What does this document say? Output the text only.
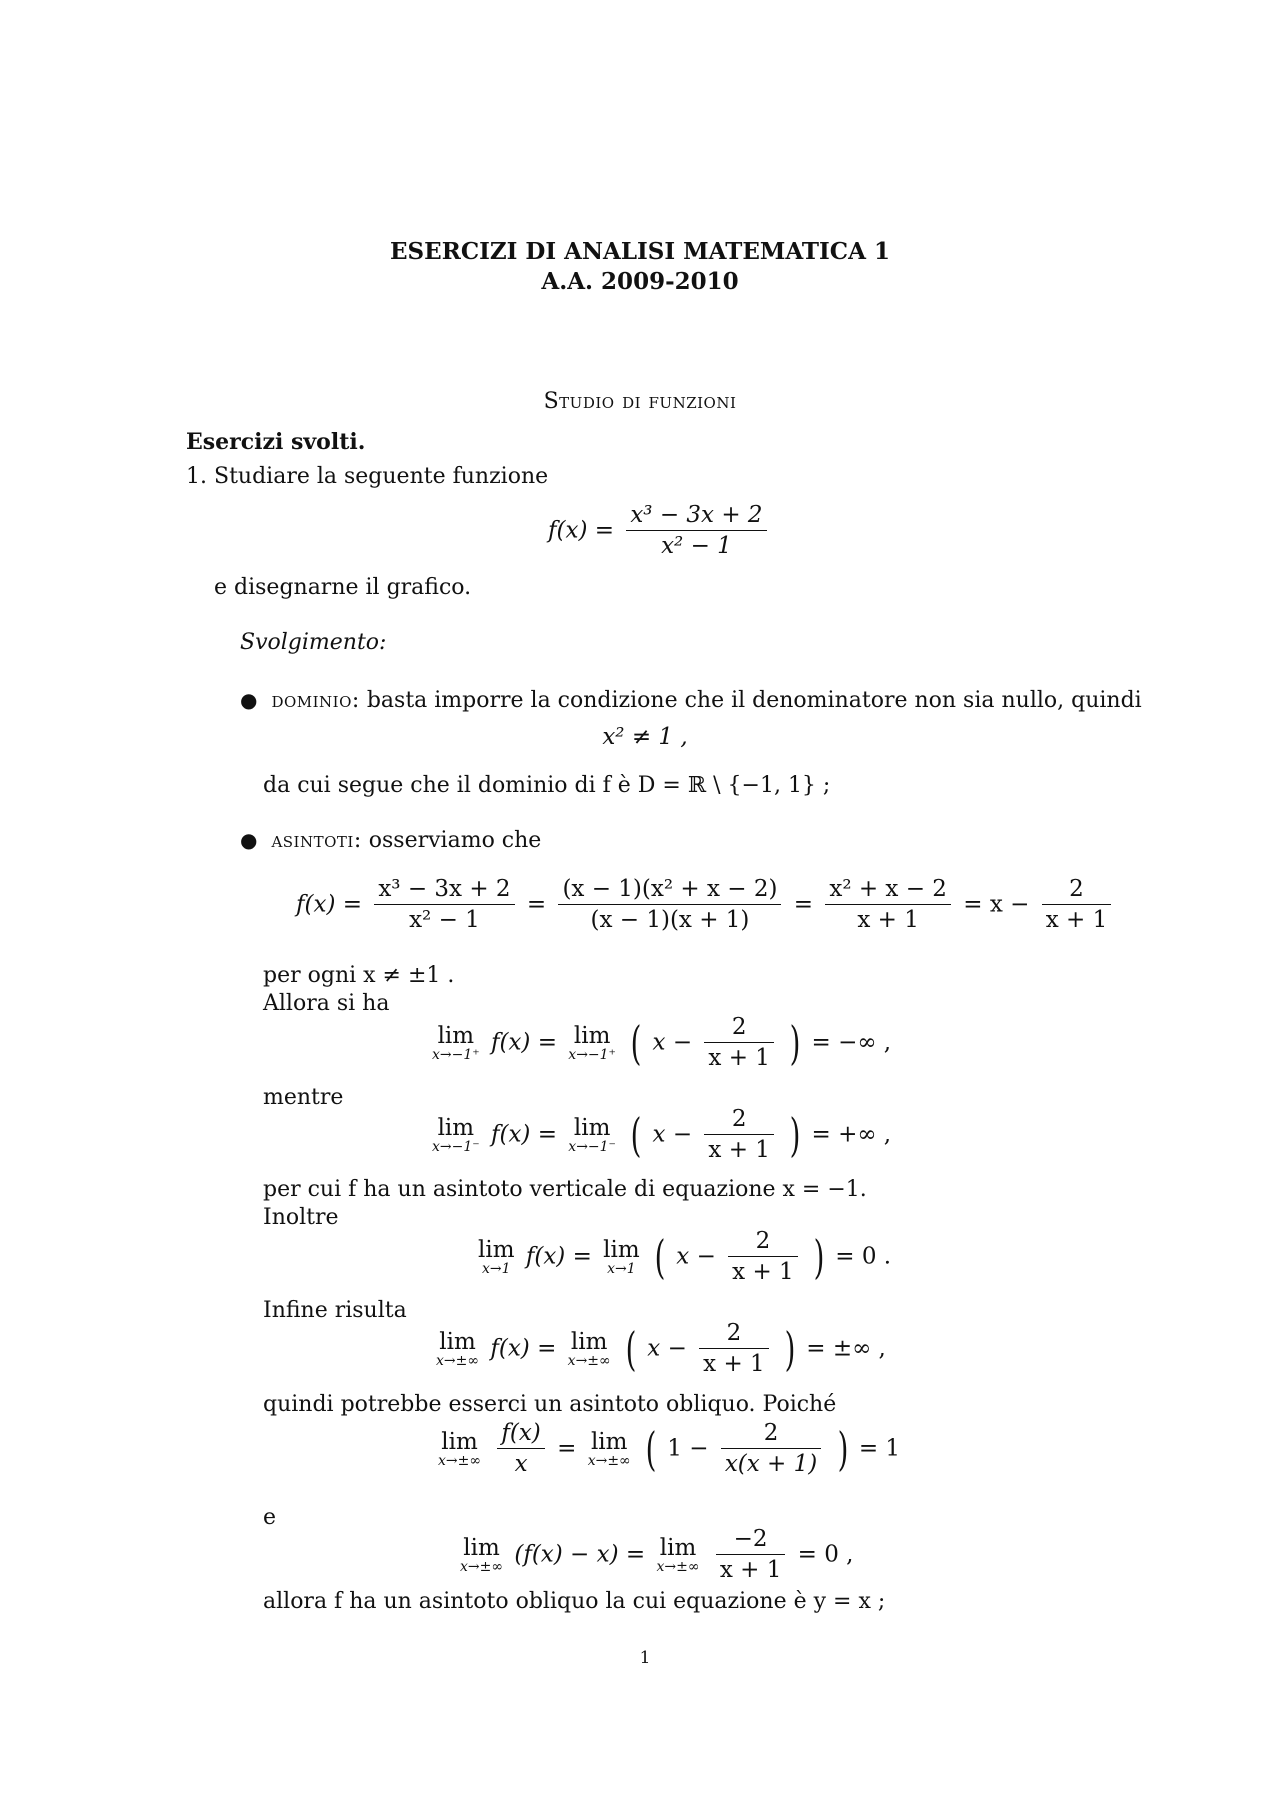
ESERCIZI DI ANALISI MATEMATICA 1
A.A. 2009-2010
Studio di funzioni
Esercizi svolti.
1. Studiare la seguente funzione
$f(x) = \frac{\text{x³ − 3x + 2}}{\text{x² − 1}}$
e disegnarne il grafico.
Svolgimento:
● dominio: basta imporre la condizione che il denominatore non sia nullo, quindi
x² ≠ 1 ,
da cui segue che il dominio di f è D = ℝ \ {−1, 1} ;
● asintoti: osserviamo che
$f(x) = \frac{\text{x³ − 3x + 2}}{\text{x² − 1}} = \frac{\text{(x − 1)(x² + x − 2)}}{(x - 1)(x + 1)} = \frac{\text{x² + x − 2}}{x + 1} = x - \frac{2}{x + 1}$
per ogni x ≠ ±1 .
Allora si ha
lim
x→−1⁺ f(x) = lim
x→−1⁺ ( $x - \frac{2}{x + 1}$ ) = −∞ ,
mentre
lim
x→−1⁻ f(x) = lim
x→−1⁻ ( $x - \frac{2}{x + 1}$ ) = +∞ ,
per cui f ha un asintoto verticale di equazione x = −1.
Inoltre
lim
x→1 f(x) = lim
x→1 ( $x - \frac{2}{x + 1}$ ) = 0 .
Infine risulta
lim
x→±∞ f(x) = lim
x→±∞ ( $x - \frac{2}{x + 1}$ ) = ±∞ ,
quindi potrebbe esserci un asintoto obliquo. Poiché
lim
x→±∞
$\frac{f(x)}{x} = \lim$
x→±∞ ( $1 - \frac{2}{x(x + 1)}$ ) = 1
e
lim
x→±∞ (f(x) − x) = lim
x→±∞
$\frac{-2}{x + 1} = 0$ ,
allora f ha un asintoto obliquo la cui equazione è y = x ;
1
